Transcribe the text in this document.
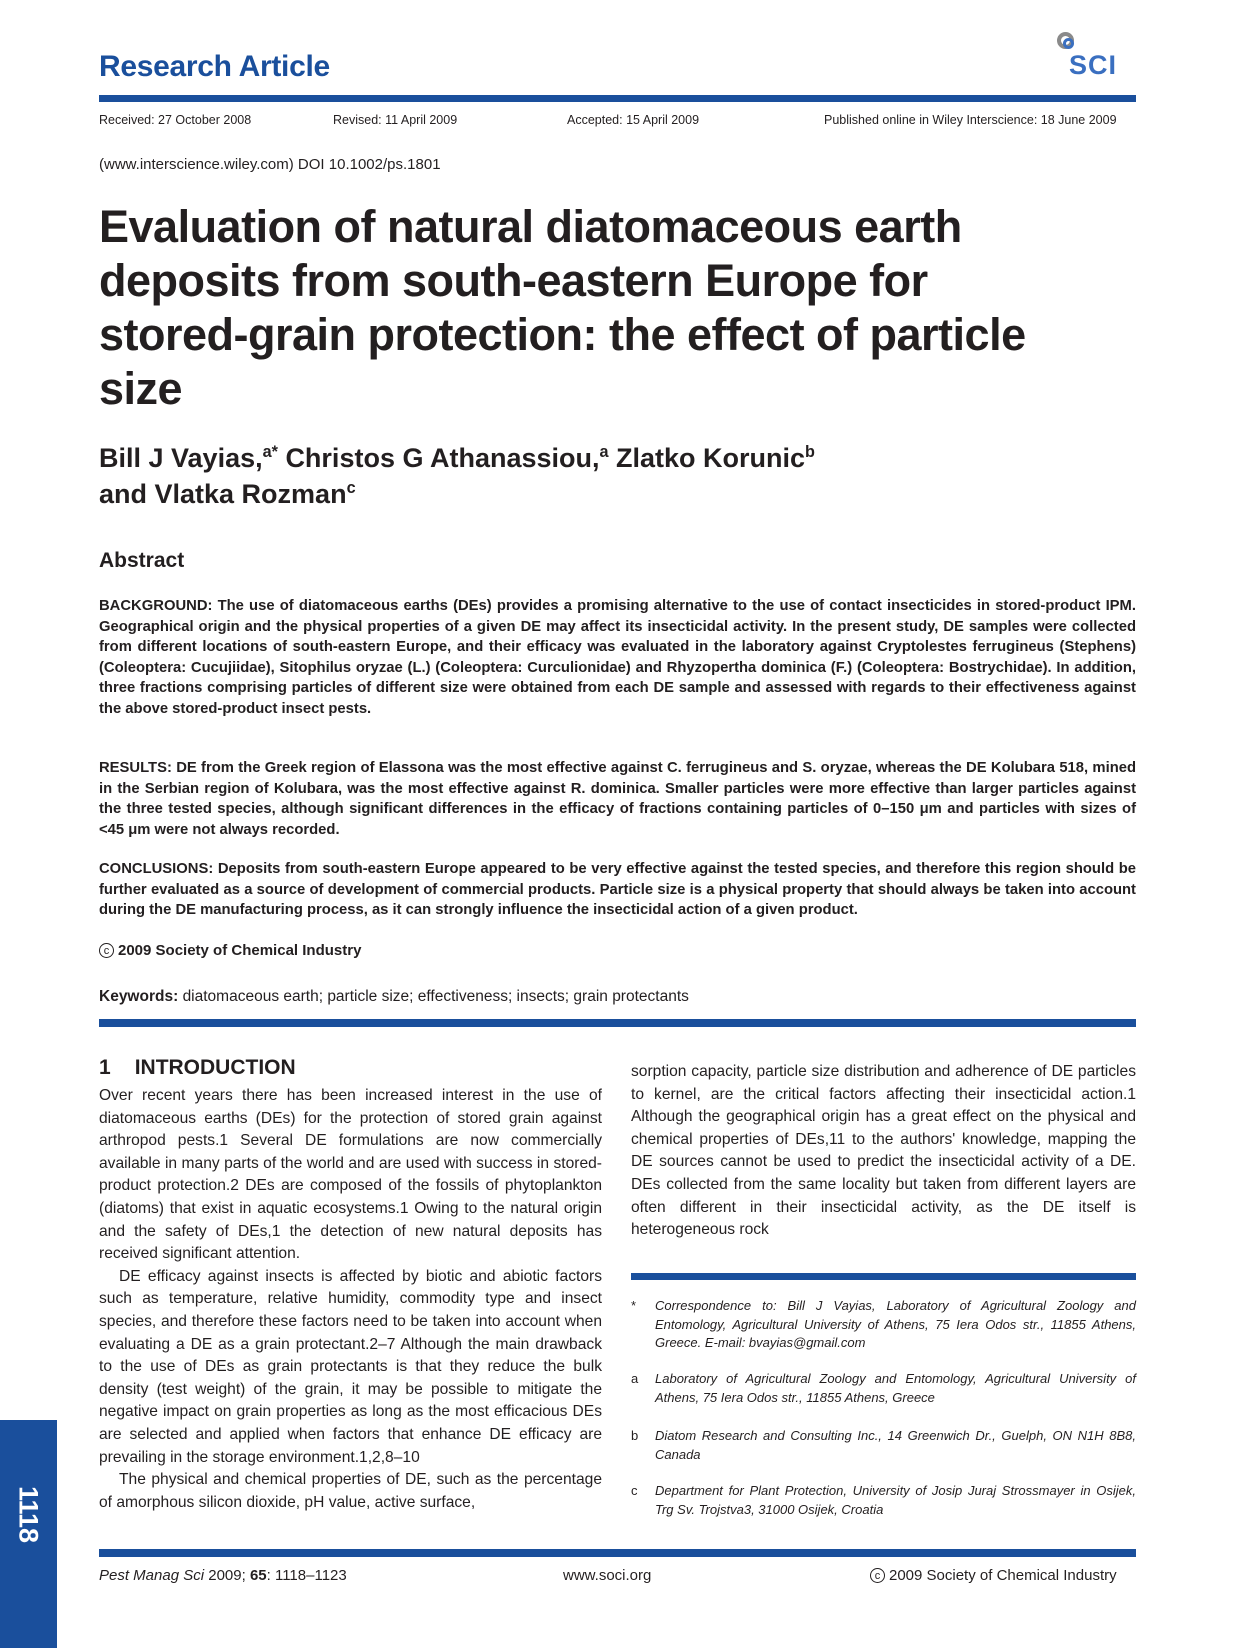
Research Article	SCI
Received: 27 October 2008	Revised: 11 April 2009	Accepted: 15 April 2009	Published online in Wiley Interscience: 18 June 2009
(www.interscience.wiley.com) DOI 10.1002/ps.1801
Evaluation of natural diatomaceous earth deposits from south-eastern Europe for stored-grain protection: the effect of particle size
Bill J Vayias,$^{a*}$ Christos G Athanassiou,$^a$ Zlatko Korunic$^b$
and Vlatka Rozman$^c$
Abstract
BACKGROUND: The use of diatomaceous earths (DEs) provides a promising alternative to the use of contact insecticides in stored-product IPM. Geographical origin and the physical properties of a given DE may affect its insecticidal activity. In the present study, DE samples were collected from different locations of south-eastern Europe, and their efficacy was evaluated in the laboratory against Cryptolestes ferrugineus (Stephens) (Coleoptera: Cucujiidae), Sitophilus oryzae (L.) (Coleoptera: Curculionidae) and Rhyzopertha dominica (F.) (Coleoptera: Bostrychidae). In addition, three fractions comprising particles of different size were obtained from each DE sample and assessed with regards to their effectiveness against the above stored-product insect pests.
RESULTS: DE from the Greek region of Elassona was the most effective against C. ferrugineus and S. oryzae, whereas the DE Kolubara 518, mined in the Serbian region of Kolubara, was the most effective against R. dominica. Smaller particles were more effective than larger particles against the three tested species, although significant differences in the efficacy of fractions containing particles of 0–150 μm and particles with sizes of <45 μm were not always recorded.
CONCLUSIONS: Deposits from south-eastern Europe appeared to be very effective against the tested species, and therefore this region should be further evaluated as a source of development of commercial products. Particle size is a physical property that should always be taken into account during the DE manufacturing process, as it can strongly influence the insecticidal action of a given product.
c 2009 Society of Chemical Industry
Keywords: diatomaceous earth; particle size; effectiveness; insects; grain protectants
1 INTRODUCTION

Over recent years there has been increased interest in the use of diatomaceous earths (DEs) for the protection of stored grain against arthropod pests.1 Several DE formulations are now commercially available in many parts of the world and are used with success in stored-product protection.2 DEs are composed of the fossils of phytoplankton (diatoms) that exist in aquatic ecosystems.1 Owing to the natural origin and the safety of DEs,1 the detection of new natural deposits has received significant attention.

DE efficacy against insects is affected by biotic and abiotic factors such as temperature, relative humidity, commodity type and insect species, and therefore these factors need to be taken into account when evaluating a DE as a grain protectant.2–7 Although the main drawback to the use of DEs as grain protectants is that they reduce the bulk density (test weight) of the grain, it may be possible to mitigate the negative impact on grain properties as long as the most efficacious DEs are selected and applied when factors that enhance DE efficacy are prevailing in the storage environment.1,2,8–10

The physical and chemical properties of DE, such as the percentage of amorphous silicon dioxide, pH value, active surface,

sorption capacity, particle size distribution and adherence of DE particles to kernel, are the critical factors affecting their insecticidal action.1 Although the geographical origin has a great effect on the physical and chemical properties of DEs,11 to the authors' knowledge, mapping the DE sources cannot be used to predict the insecticidal activity of a DE. DEs collected from the same locality but taken from different layers are often different in their insecticidal activity, as the DE itself is heterogeneous rock

* Correspondence to: Bill J Vayias, Laboratory of Agricultural Zoology and Entomology, Agricultural University of Athens, 75 Iera Odos str., 11855 Athens, Greece. E-mail: bvayias@gmail.com
a Laboratory of Agricultural Zoology and Entomology, Agricultural University of Athens, 75 Iera Odos str., 11855 Athens, Greece
b Diatom Research and Consulting Inc., 14 Greenwich Dr., Guelph, ON N1H 8B8, Canada
c Department for Plant Protection, University of Josip Juraj Strossmayer in Osijek, Trg Sv. Trojstva3, 31000 Osijek, Croatia
Pest Manag Sci 2009; 65: 1118–1123	www.soci.org	c 2009 Society of Chemical Industry
1118
